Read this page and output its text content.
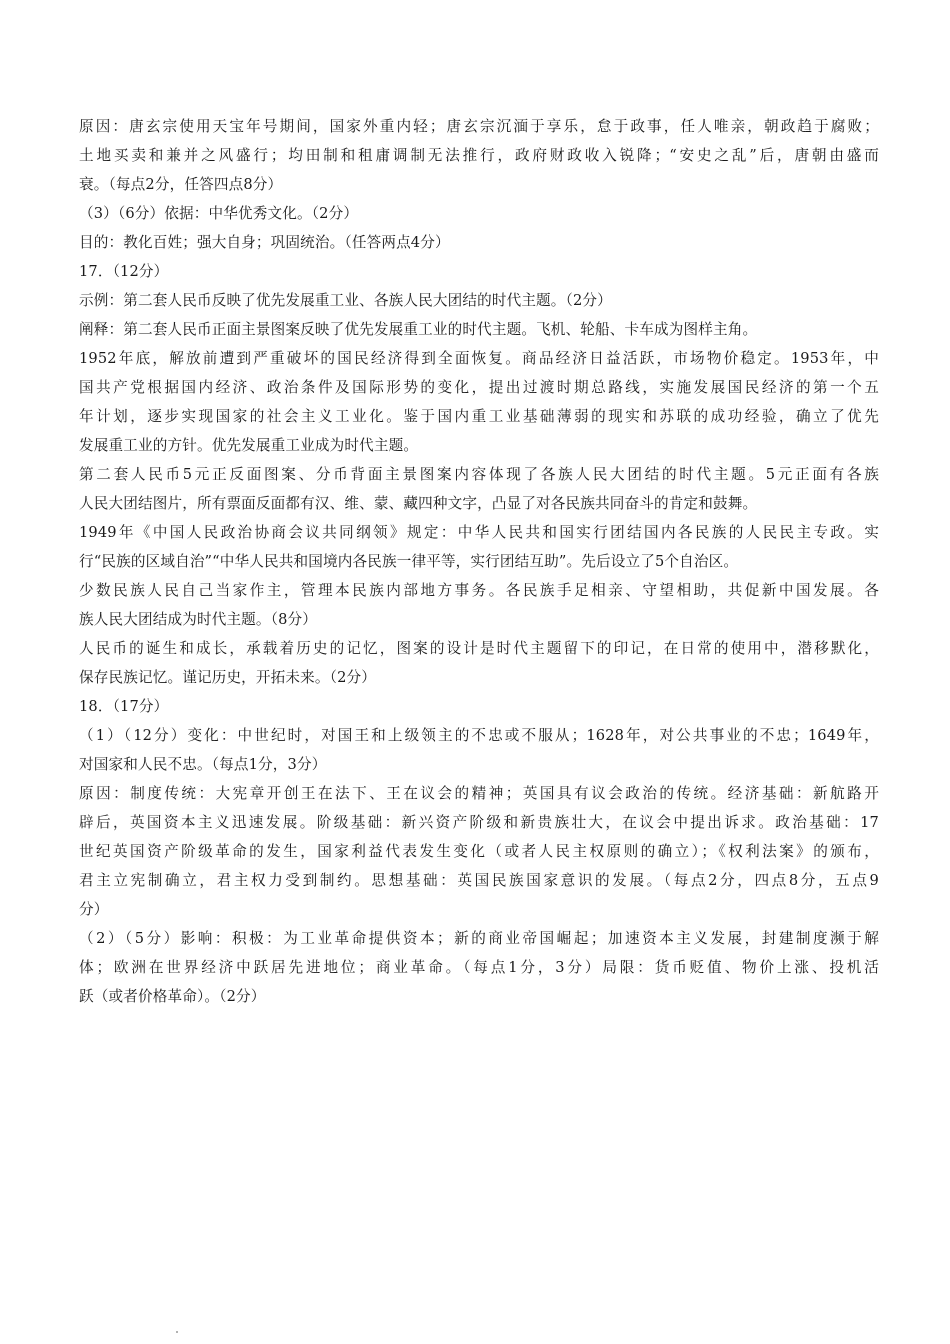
原因：唐玄宗使用天宝年号期间，国家外重内轻；唐玄宗沉湎于享乐，怠于政事，任人唯亲，朝政趋于腐败；
土地买卖和兼并之风盛行；均田制和租庸调制无法推行，政府财政收入锐降；“安史之乱”后，唐朝由盛而
衰。（每点2分，任答四点8分）
（3）（6分）依据：中华优秀文化。（2分）
目的：教化百姓；强大自身；巩固统治。（任答两点4分）
17．（12分）
示例：第二套人民币反映了优先发展重工业、各族人民大团结的时代主题。（2分）
阐释：第二套人民币正面主景图案反映了优先发展重工业的时代主题。飞机、轮船、卡车成为图样主角。
1952年底，解放前遭到严重破坏的国民经济得到全面恢复。商品经济日益活跃，市场物价稳定。1953年，中
国共产党根据国内经济、政治条件及国际形势的变化，提出过渡时期总路线，实施发展国民经济的第一个五
年计划，逐步实现国家的社会主义工业化。鉴于国内重工业基础薄弱的现实和苏联的成功经验，确立了优先
发展重工业的方针。优先发展重工业成为时代主题。
第二套人民币5元正反面图案、分币背面主景图案内容体现了各族人民大团结的时代主题。5元正面有各族
人民大团结图片，所有票面反面都有汉、维、蒙、藏四种文字，凸显了对各民族共同奋斗的肯定和鼓舞。
1949年《中国人民政治协商会议共同纲领》规定：中华人民共和国实行团结国内各民族的人民民主专政。实
行“民族的区域自治”“中华人民共和国境内各民族一律平等，实行团结互助”。先后设立了5个自治区。
少数民族人民自己当家作主，管理本民族内部地方事务。各民族手足相亲、守望相助，共促新中国发展。各
族人民大团结成为时代主题。（8分）
人民币的诞生和成长，承载着历史的记忆，图案的设计是时代主题留下的印记，在日常的使用中，潜移默化，
保存民族记忆。谨记历史，开拓未来。（2分）
18．（17分）
（1）（12分）变化：中世纪时，对国王和上级领主的不忠或不服从；1628年，对公共事业的不忠；1649年，
对国家和人民不忠。（每点1分，3分）
原因：制度传统：大宪章开创王在法下、王在议会的精神；英国具有议会政治的传统。经济基础：新航路开
辟后，英国资本主义迅速发展。阶级基础：新兴资产阶级和新贵族壮大，在议会中提出诉求。政治基础：17
世纪英国资产阶级革命的发生，国家利益代表发生变化（或者人民主权原则的确立）；《权利法案》的颁布，
君主立宪制确立，君主权力受到制约。思想基础：英国民族国家意识的发展。（每点2分，四点8分，五点9
分）
（2）（5分）影响：积极：为工业革命提供资本；新的商业帝国崛起；加速资本主义发展，封建制度濒于解
体；欧洲在世界经济中跃居先进地位；商业革命。（每点1分，3分）局限：货币贬值、物价上涨、投机活
跃（或者价格革命）。（2分）
